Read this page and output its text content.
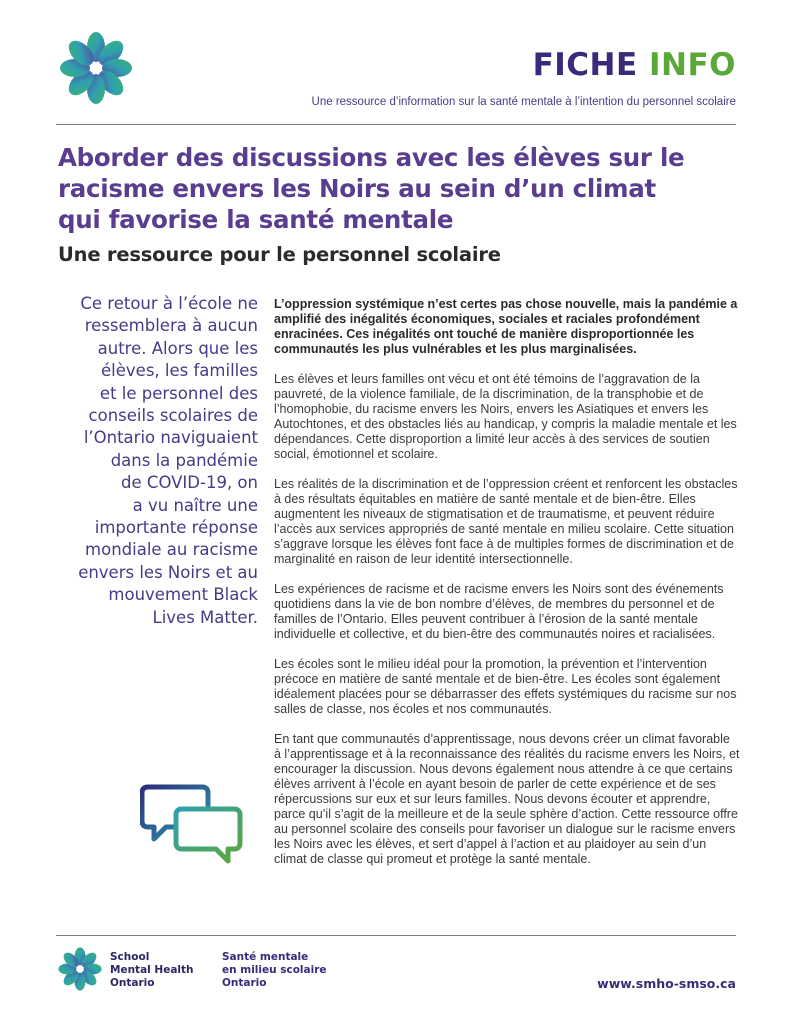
FICHE INFO
Une ressource d’information sur la santé mentale à l’intention du personnel scolaire
Aborder des discussions avec les élèves sur le racisme envers les Noirs au sein d’un climat qui favorise la santé mentale
Une ressource pour le personnel scolaire
Ce retour à l’école ne
ressemblera à aucun
autre. Alors que les
élèves, les familles
et le personnel des
conseils scolaires de
l’Ontario naviguaient
dans la pandémie
de COVID-19, on
a vu naître une
importante réponse
mondiale au racisme
envers les Noirs et au
mouvement Black
Lives Matter.

L’oppression systémique n’est certes pas chose nouvelle, mais la pandémie a amplifié des inégalités économiques, sociales et raciales profondément enracinées. Ces inégalités ont touché de manière disproportionnée les communautés les plus vulnérables et les plus marginalisées.

Les élèves et leurs familles ont vécu et ont été témoins de l’aggravation de la pauvreté, de la violence familiale, de la discrimination, de la transphobie et de l’homophobie, du racisme envers les Noirs, envers les Asiatiques et envers les Autochtones, et des obstacles liés au handicap, y compris la maladie mentale et les dépendances. Cette disproportion a limité leur accès à des services de soutien social, émotionnel et scolaire.

Les réalités de la discrimination et de l’oppression créent et renforcent les obstacles à des résultats équitables en matière de santé mentale et de bien-être. Elles augmentent les niveaux de stigmatisation et de traumatisme, et peuvent réduire l’accès aux services appropriés de santé mentale en milieu scolaire. Cette situation s’aggrave lorsque les élèves font face à de multiples formes de discrimination et de marginalité en raison de leur identité intersectionnelle.

Les expériences de racisme et de racisme envers les Noirs sont des événements quotidiens dans la vie de bon nombre d’élèves, de membres du personnel et de familles de l’Ontario. Elles peuvent contribuer à l’érosion de la santé mentale individuelle et collective, et du bien-être des communautés noires et racialisées.

Les écoles sont le milieu idéal pour la promotion, la prévention et l’intervention précoce en matière de santé mentale et de bien-être. Les écoles sont également idéalement placées pour se débarrasser des effets systémiques du racisme sur nos salles de classe, nos écoles et nos communautés.

En tant que communautés d’apprentissage, nous devons créer un climat favorable à l’apprentissage et à la reconnaissance des réalités du racisme envers les Noirs, et encourager la discussion. Nous devons également nous attendre à ce que certains élèves arrivent à l’école en ayant besoin de parler de cette expérience et de ses répercussions sur eux et sur leurs familles. Nous devons écouter et apprendre, parce qu’il s’agit de la meilleure et de la seule sphère d’action. Cette ressource offre au personnel scolaire des conseils pour favoriser un dialogue sur le racisme envers les Noirs avec les élèves, et sert d’appel à l’action et au plaidoyer au sein d’un climat de classe qui promeut et protège la santé mentale.

School
Mental Health
Ontario
Santé mentale
en milieu scolaire
Ontario	www.smho-smso.ca
